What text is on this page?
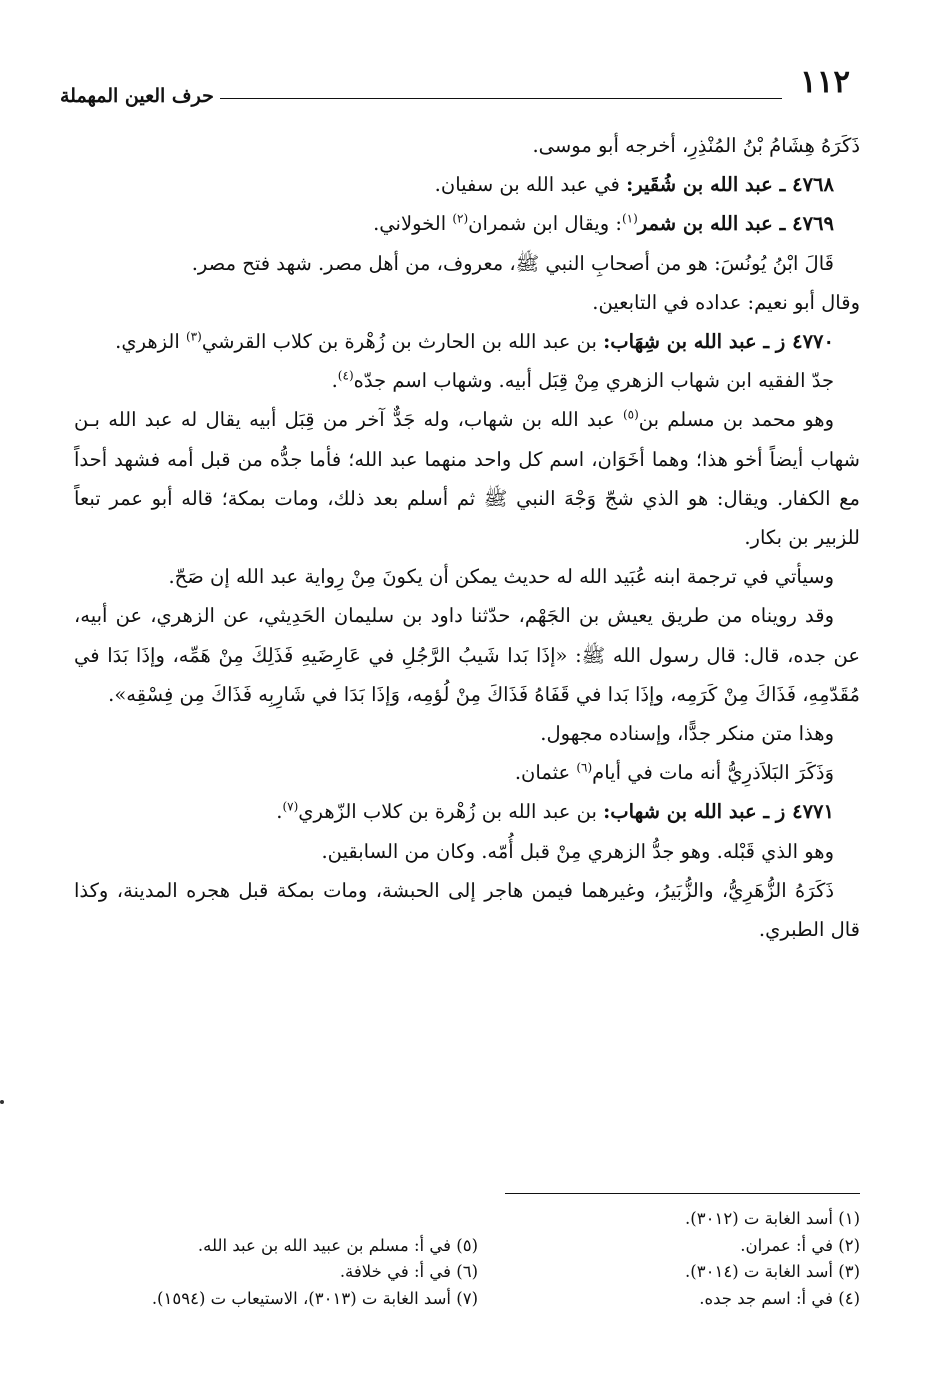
١١٢
حرف العين المهملة

ذَكَرَهُ هِشَامُ بْنُ المُنْذِرِ، أخرجه أبو موسى.

٤٧٦٨ ـ عبد الله بن شُقَير: في عبد الله بن سفيان.

٤٧٦٩ ـ عبد الله بن شمر$^{(١)}$: ويقال ابن شمران$^{(٢)}$ الخولاني.

قَالَ ابْنُ يُونُسَ: هو من أصحابِ النبي ﷺ، معروف، من أهل مصر. شهد فتح مصر.

وقال أبو نعيم: عداده في التابعين.

٤٧٧٠ ز ـ عبد الله بن شِهَاب: بن عبد الله بن الحارث بن زُهْرة بن كلاب القرشي$^{(٣)}$ الزهري.

جدّ الفقيه ابن شهاب الزهري مِنْ قِبَل أبيه. وشهاب اسم جدّه$^{(٤)}$.

وهو محمد بن مسلم بن$^{(٥)}$ عبد الله بن شهاب، وله جَدٌّ آخر من قِبَل أبيه يقال له عبد الله بـن شهاب أيضاً أخو هذا؛ وهما أخَوَان، اسم كل واحد منهما عبد الله؛ فأما جدُّه من قبل أمه فشهد أحداً مع الكفار. ويقال: هو الذي شجّ وَجْهَ النبي ﷺ ثم أسلم بعد ذلك، ومات بمكة؛ قاله أبو عمر تبعاً للزبير بن بكار.

وسيأتي في ترجمة ابنه عُبَيد الله له حديث يمكن أن يكونَ مِنْ رِواية عبد الله إن صَحّ.

وقد رويناه من طريق يعيش بن الجَهْم، حدّثنا داود بن سليمان الحَدِيثي، عن الزهري، عن أبيه، عن جده، قال: قال رسول الله ﷺ: «إذَا بَدا شَيبُ الرَّجُلِ في عَارِضَيهِ فَذَلِكَ مِنْ هَمِّه، وإذَا بَدَا في مُقَدّمِهِ، فَذَاكَ مِنْ كَرَمِه، وإذَا بَدا في قَفَاهُ فَذَاكَ مِنْ لُؤمِه، وَإذَا بَدَا في شَارِبِه فَذَاكَ مِن فِسْقِه».

وهذا متن منكر جدًّا، وإسناده مجهول.

وَذَكَرَ البَلاَذرِيُّ أنه مات في أيام$^{(٦)}$ عثمان.

٤٧٧١ ز ـ عبد الله بن شهاب: بن عبد الله بن زُهْرة بن كلاب الزّهري$^{(٧)}$.

وهو الذي قَبْله. وهو جدُّ الزهري مِنْ قبل أُمّه. وكان من السابقين.

ذَكَرَهُ الزُّهَرِيُّ، والزُّبَيرُ، وغيرهما فيمن هاجر إلى الحبشة، ومات بمكة قبل هجره المدينة، وكذا قال الطبري.

(١) أسد الغابة ت (٣٠١٢).
(٢) في أ: عمران.
(٥) في أ: مسلم بن عبيد الله بن عبد الله.
(٣) أسد الغابة ت (٣٠١٤).
(٦) في أ: في خلافة.
(٤) في أ: اسم جد جده.
(٧) أسد الغابة ت (٣٠١٣)، الاستيعاب ت (١٥٩٤).
